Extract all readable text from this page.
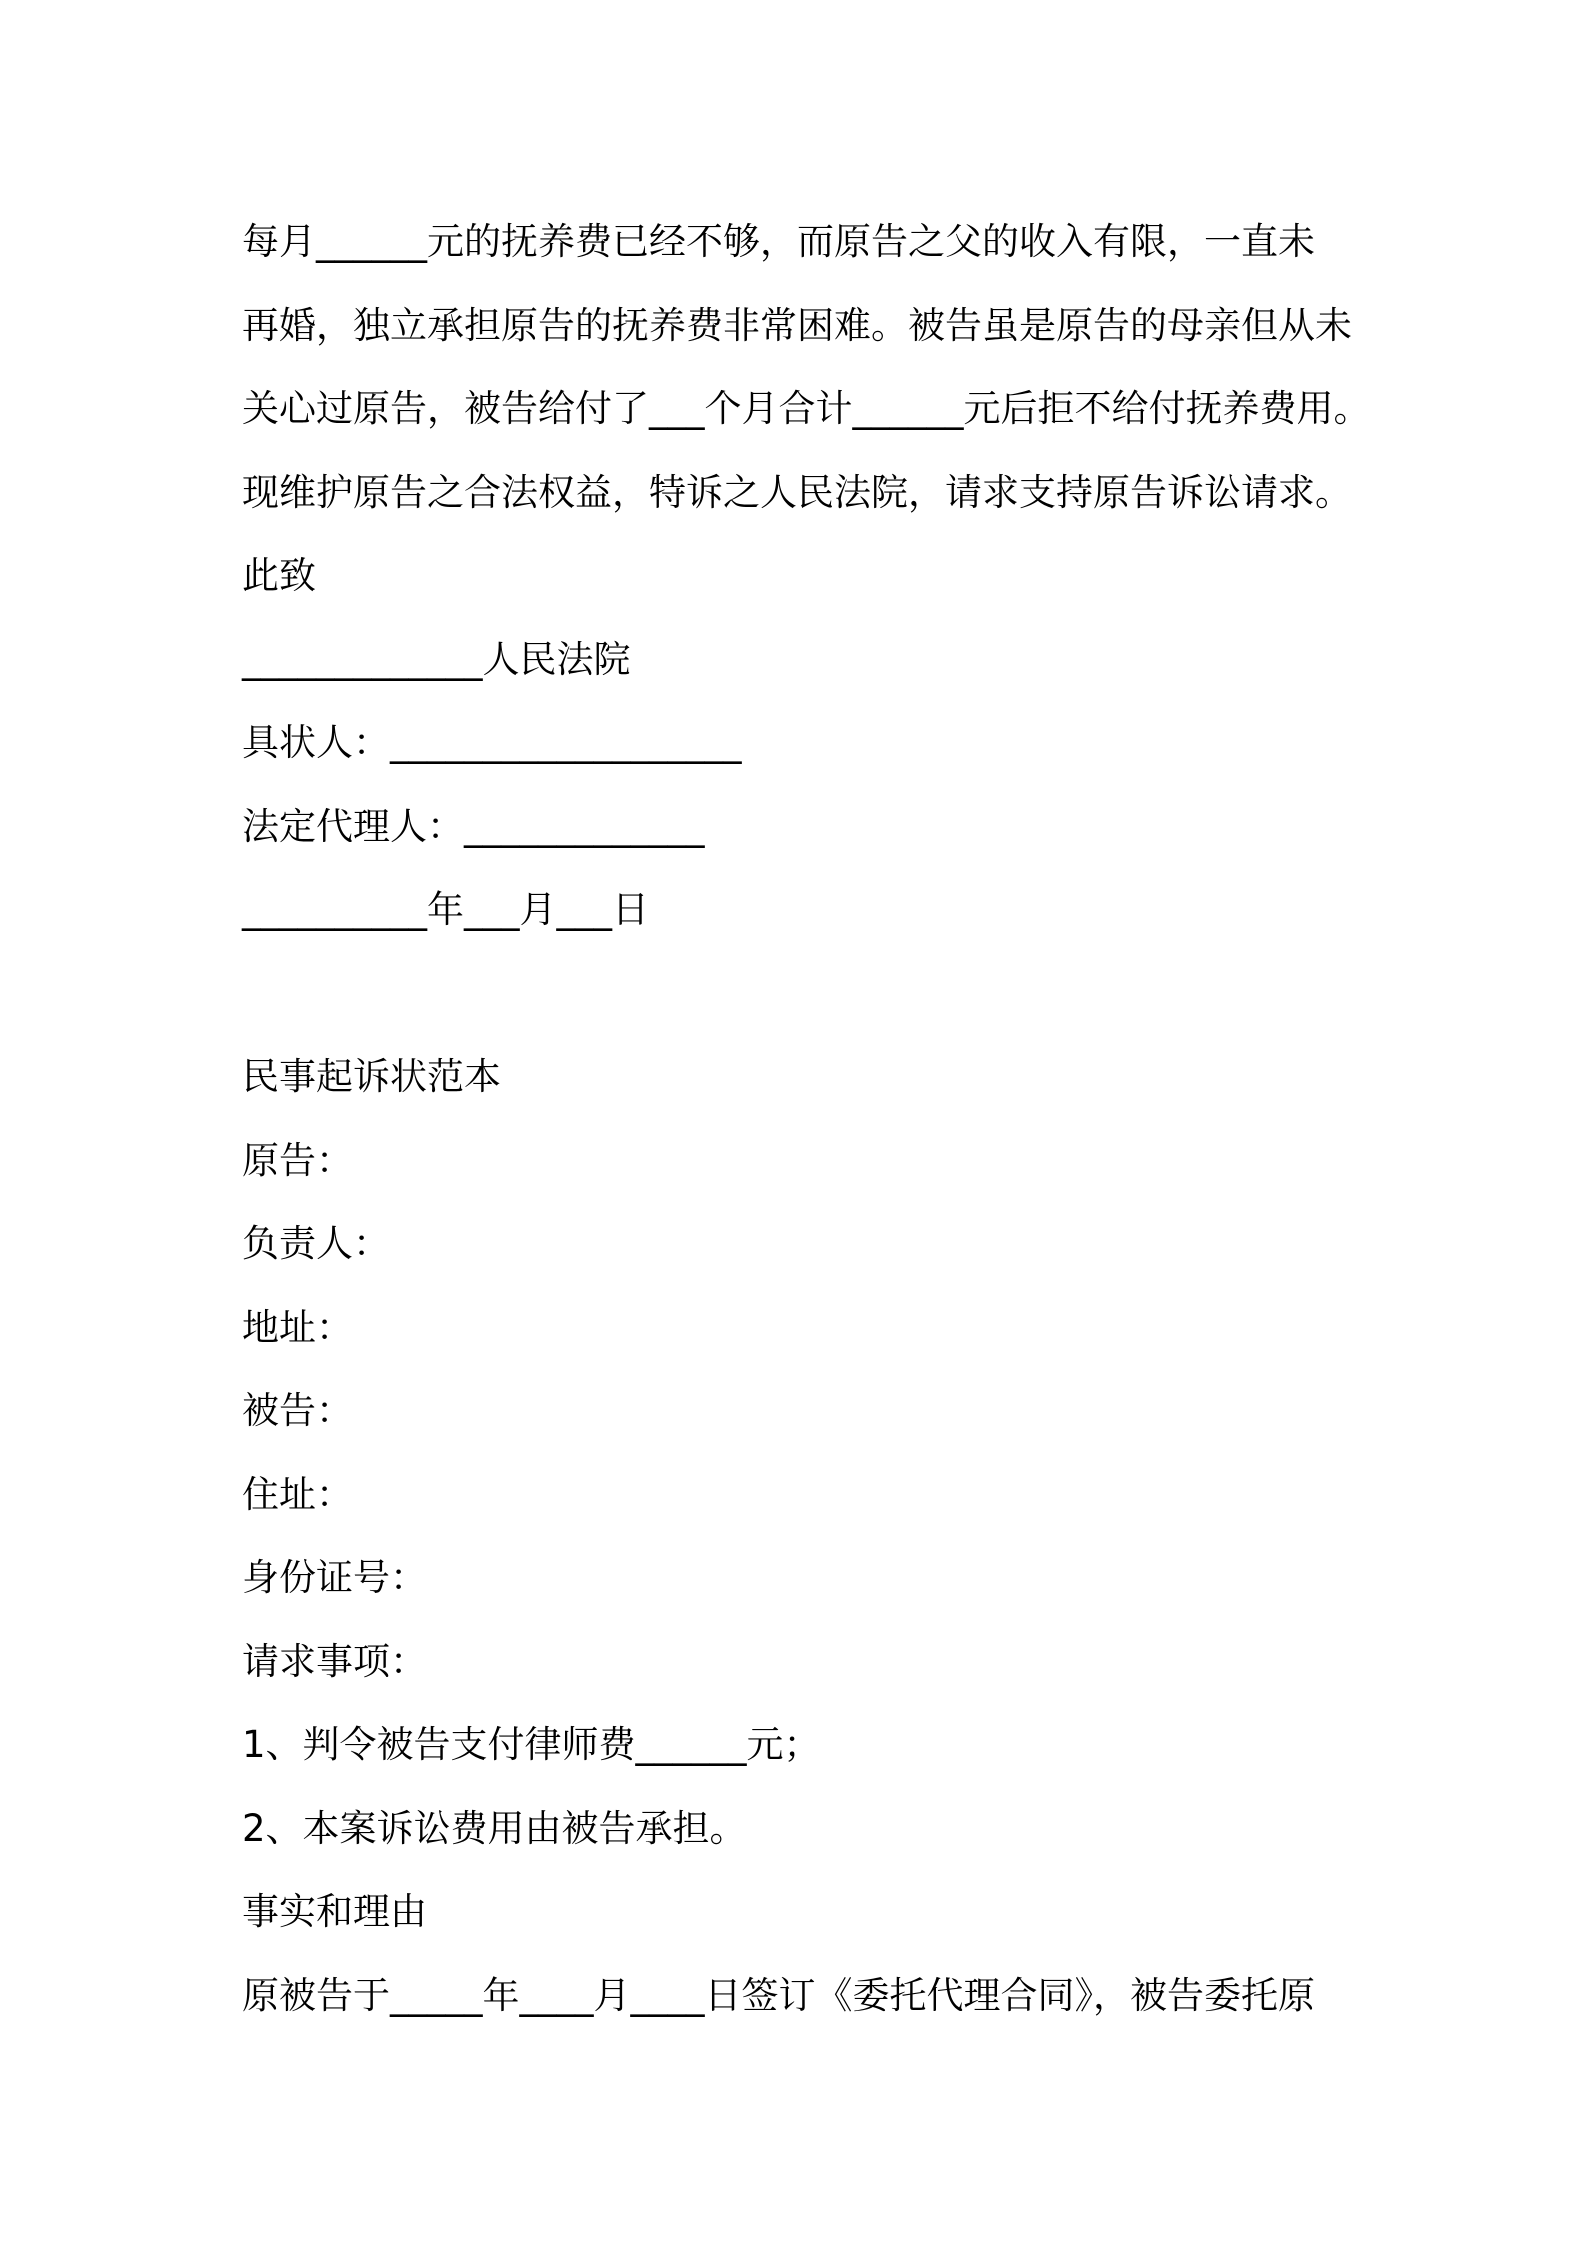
每月______元的抚养费已经不够，而原告之父的收入有限，一直未
再婚，独立承担原告的抚养费非常困难。被告虽是原告的母亲但从未
关心过原告，被告给付了___个月合计______元后拒不给付抚养费用。
现维护原告之合法权益，特诉之人民法院，请求支持原告诉讼请求。
此致
_____________人民法院
具状人：___________________
法定代理人：_____________
__________年___月___日
民事起诉状范本
原告：
负责人：
地址：
被告：
住址：
身份证号：
请求事项：
1、判令被告支付律师费______元；
2、本案诉讼费用由被告承担。
事实和理由
原被告于_____年____月____日签订《委托代理合同》，被告委托原
